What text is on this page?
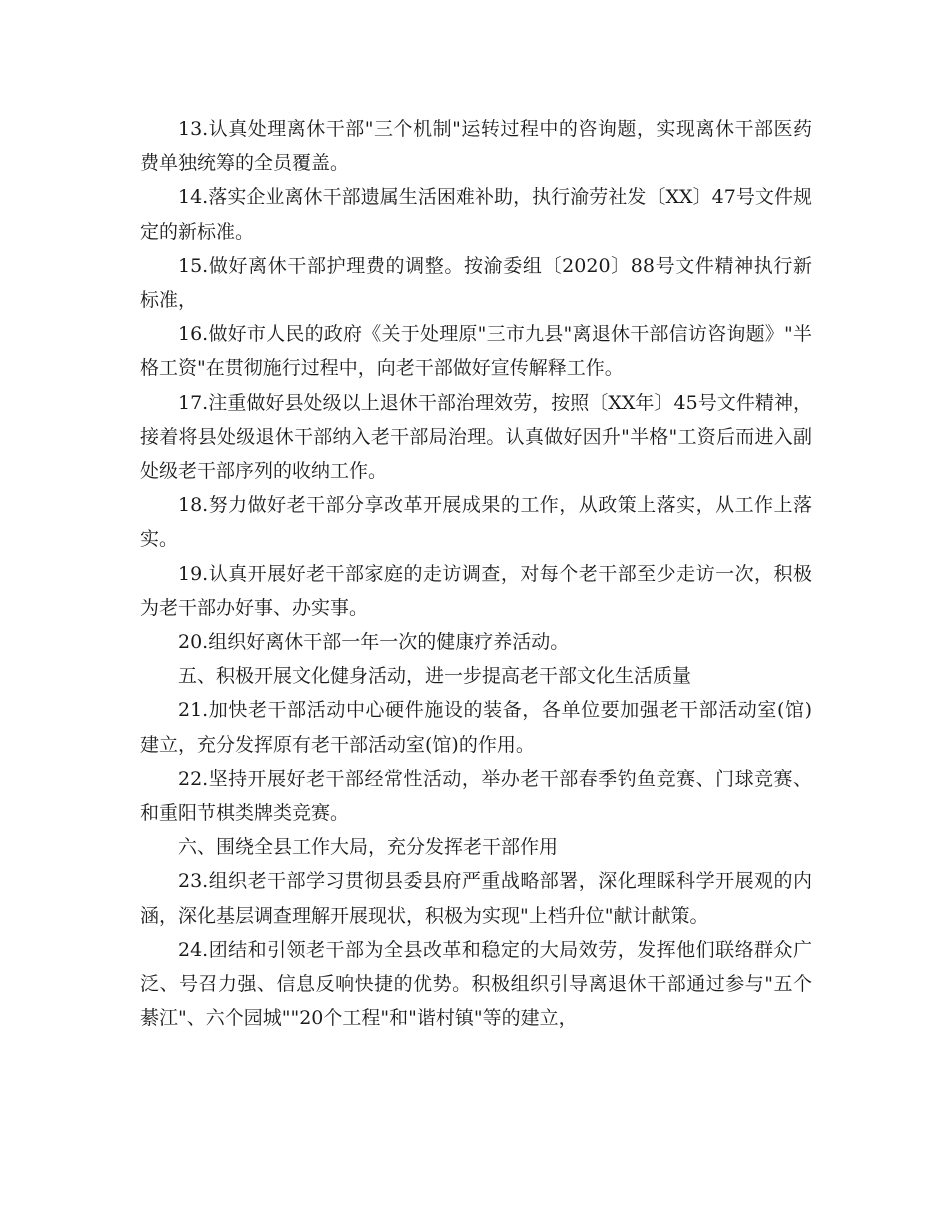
13.认真处理离休干部"三个机制"运转过程中的咨询题，实现离休干部医药费单独统筹的全员覆盖。

14.落实企业离休干部遗属生活困难补助，执行渝劳社发〔XX〕47号文件规定的新标准。

15.做好离休干部护理费的调整。按渝委组〔2020〕88号文件精神执行新标准，

16.做好市人民的政府《关于处理原"三市九县"离退休干部信访咨询题》"半格工资"在贯彻施行过程中，向老干部做好宣传解释工作。

17.注重做好县处级以上退休干部治理效劳，按照〔XX年〕45号文件精神，接着将县处级退休干部纳入老干部局治理。认真做好因升"半格"工资后而进入副处级老干部序列的收纳工作。

18.努力做好老干部分享改革开展成果的工作，从政策上落实，从工作上落实。

19.认真开展好老干部家庭的走访调查，对每个老干部至少走访一次，积极为老干部办好事、办实事。

20.组织好离休干部一年一次的健康疗养活动。

五、积极开展文化健身活动，进一步提高老干部文化生活质量

21.加快老干部活动中心硬件施设的装备，各单位要加强老干部活动室(馆)建立，充分发挥原有老干部活动室(馆)的作用。

22.坚持开展好老干部经常性活动，举办老干部春季钓鱼竞赛、门球竞赛、和重阳节棋类牌类竞赛。

六、围绕全县工作大局，充分发挥老干部作用

23.组织老干部学习贯彻县委县府严重战略部署，深化理睬科学开展观的内涵，深化基层调查理解开展现状，积极为实现"上档升位"献计献策。

24.团结和引领老干部为全县改革和稳定的大局效劳，发挥他们联络群众广泛、号召力强、信息反响快捷的优势。积极组织引导离退休干部通过参与"五个綦江"、六个园城""20个工程"和"谐村镇"等的建立，
